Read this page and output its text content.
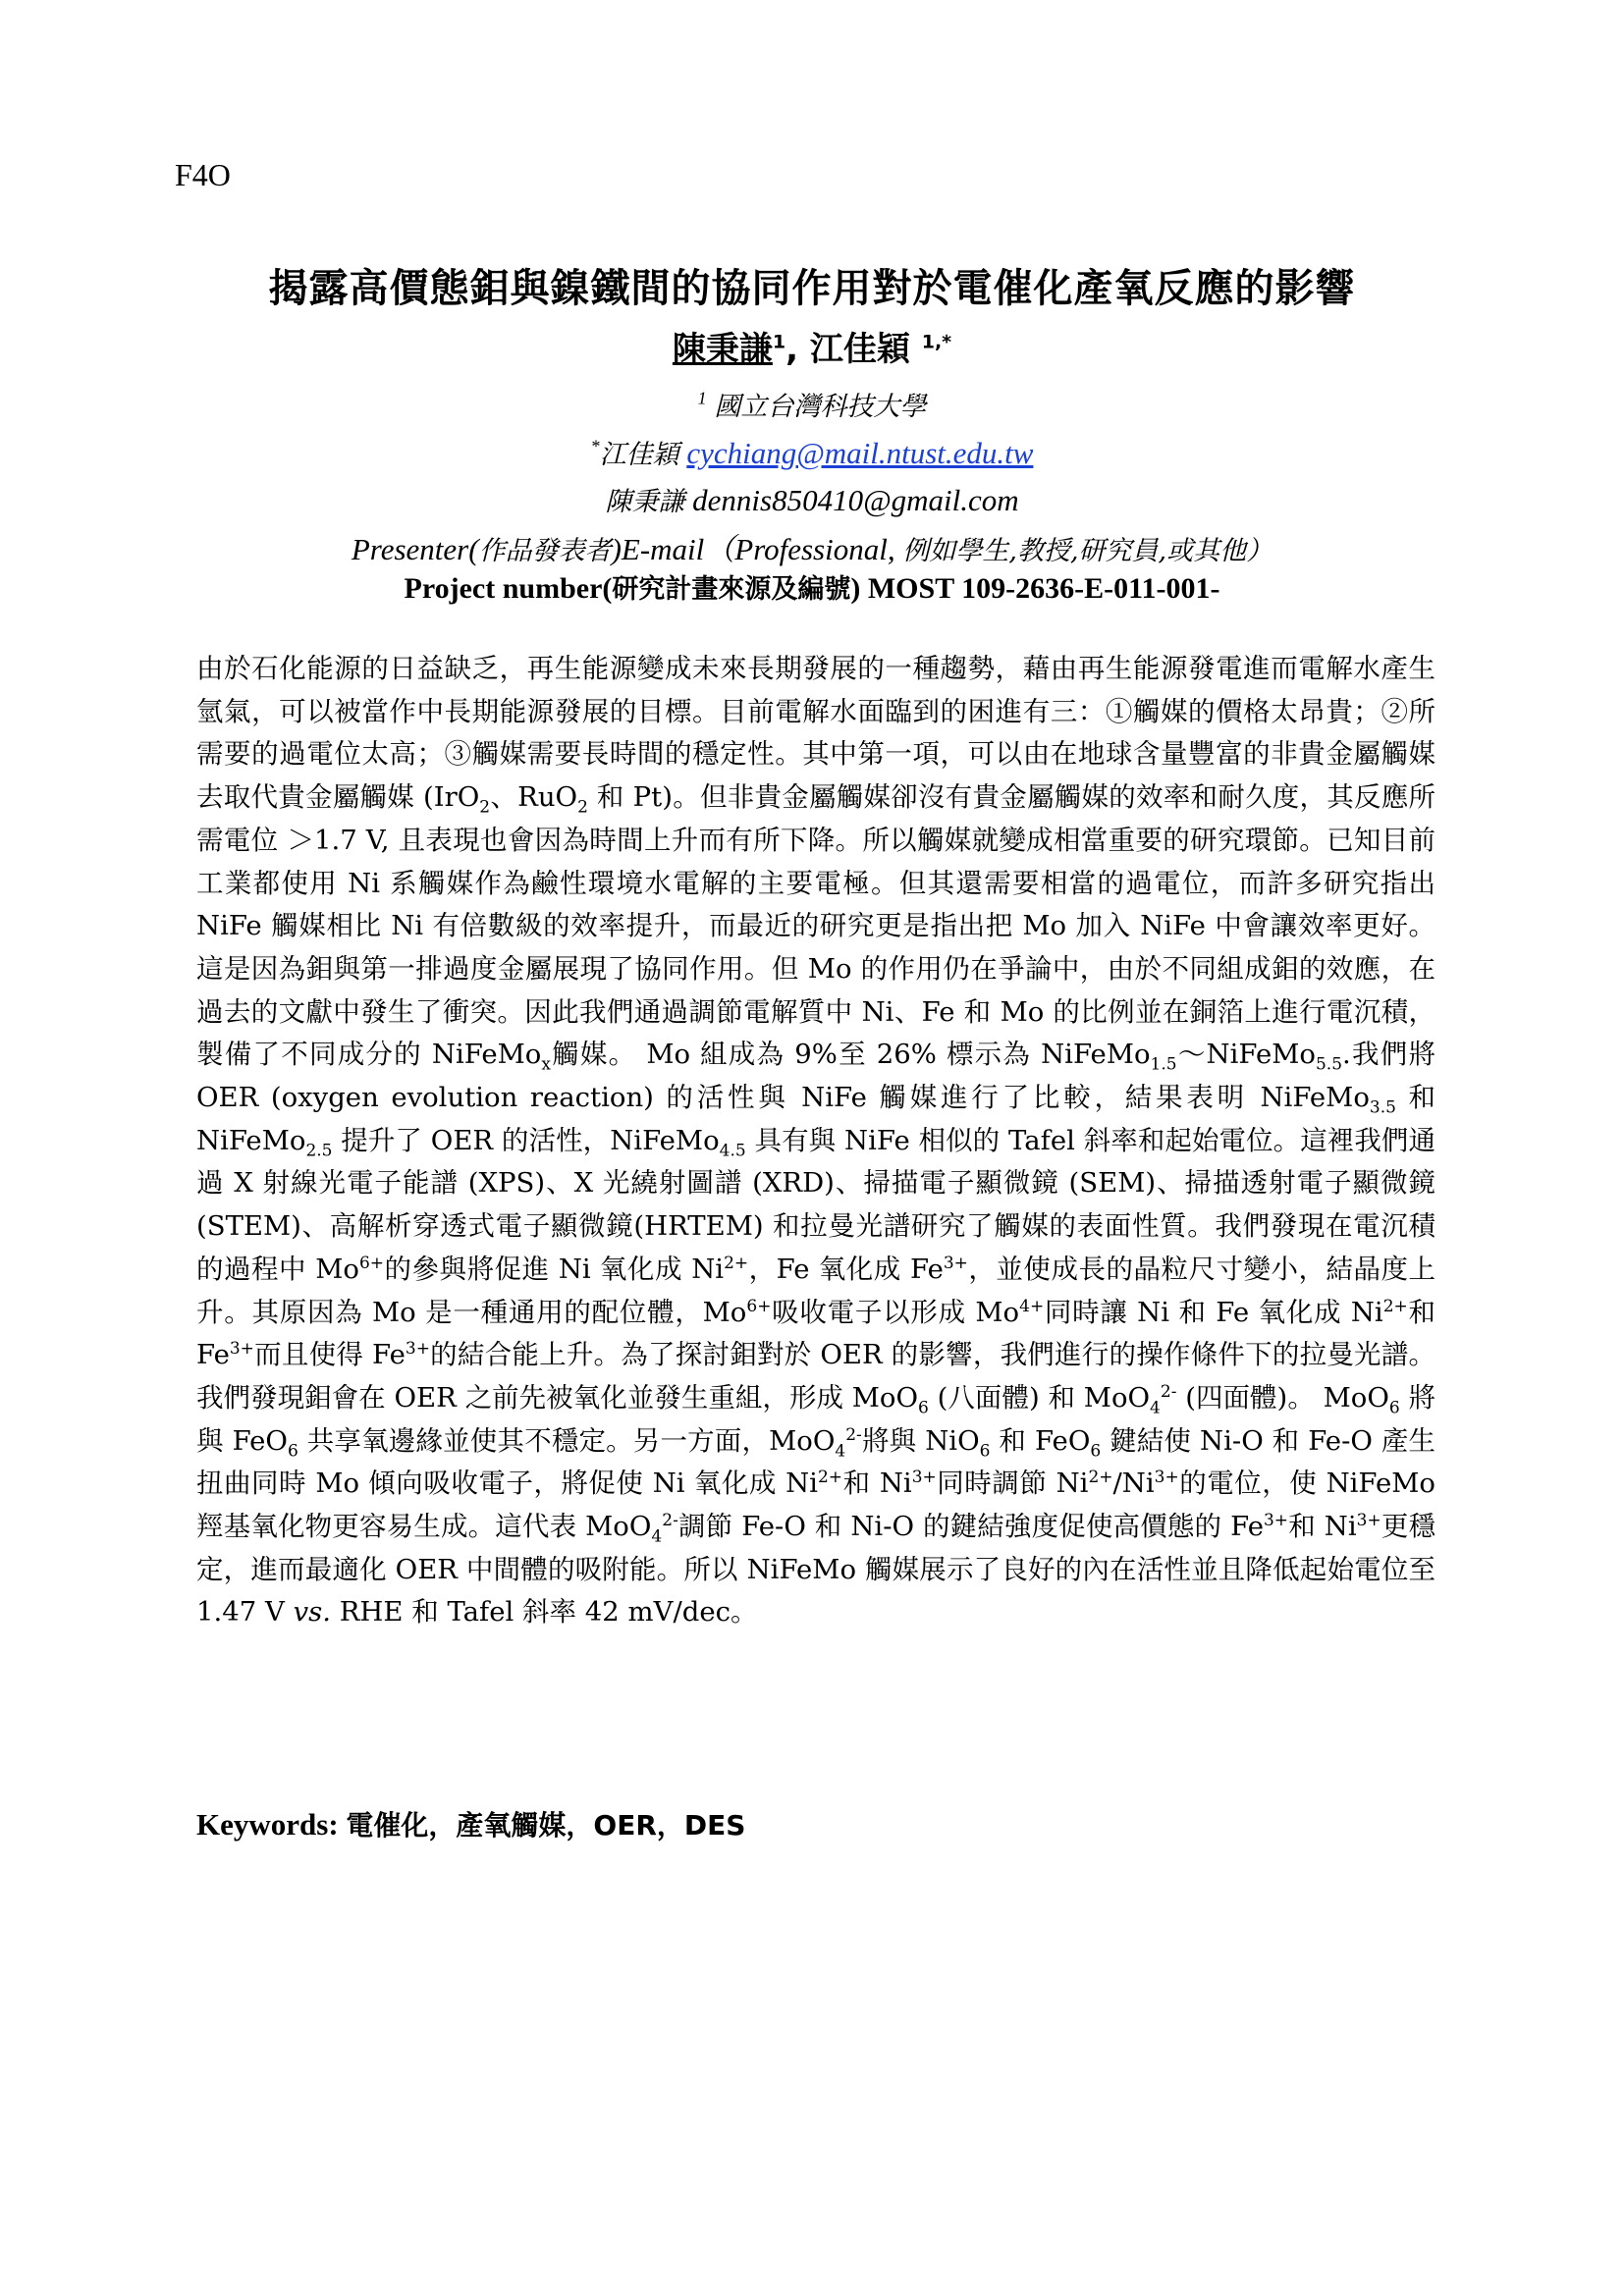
F4O
揭露高價態鉬與鎳鐵間的協同作用對於電催化產氧反應的影響
陳秉謙$^1$, 江佳穎 $^{1,*}$
$^1$ 國立台灣科技大學
*江佳穎 cychiang@mail.ntust.edu.tw
陳秉謙 dennis850410@gmail.com
Presenter(作品發表者)E-mail（Professional, 例如學生,教授,研究員,或其他）
Project number(研究計畫來源及編號) MOST 109-2636-E-011-001-
由於石化能源的日益缺乏，再生能源變成未來長期發展的一種趨勢，藉由再生能源發電進而電解水產生氫氣，可以被當作中長期能源發展的目標。目前電解水面臨到的困進有三：①觸媒的價格太昂貴；②所需要的過電位太高；③觸媒需要長時間的穩定性。其中第一項，可以由在地球含量豐富的非貴金屬觸媒去取代貴金屬觸媒 (IrO$_2$、RuO$_2$ 和 Pt)。但非貴金屬觸媒卻沒有貴金屬觸媒的效率和耐久度，其反應所需電位 ＞1.7 V, 且表現也會因為時間上升而有所下降。所以觸媒就變成相當重要的研究環節。已知目前工業都使用 Ni 系觸媒作為鹼性環境水電解的主要電極。但其還需要相當的過電位，而許多研究指出 NiFe 觸媒相比 Ni 有倍數級的效率提升，而最近的研究更是指出把 Mo 加入 NiFe 中會讓效率更好。這是因為鉬與第一排過度金屬展現了協同作用。但 Mo 的作用仍在爭論中，由於不同組成鉬的效應，在過去的文獻中發生了衝突。因此我們通過調節電解質中 Ni、Fe 和 Mo 的比例並在銅箔上進行電沉積，製備了不同成分的 NiFeMo$_x$觸媒。 Mo 組成為 9%至 26% 標示為 NiFeMo$_{1.5}$～NiFeMo$_{5.5}$.我們將 OER (oxygen evolution reaction) 的活性與 NiFe 觸媒進行了比較，結果表明 NiFeMo$_{3.5}$ 和 NiFeMo$_{2.5}$ 提升了 OER 的活性，NiFeMo$_{4.5}$ 具有與 NiFe 相似的 Tafel 斜率和起始電位。這裡我們通過 X 射線光電子能譜 (XPS)、X 光繞射圖譜 (XRD)、掃描電子顯微鏡 (SEM)、掃描透射電子顯微鏡 (STEM)、高解析穿透式電子顯微鏡(HRTEM) 和拉曼光譜研究了觸媒的表面性質。我們發現在電沉積的過程中 $Mo^{6+}$的參與將促進 Ni 氧化成 $Ni^{2+}$，Fe 氧化成 $Fe^{3+}$，並使成長的晶粒尺寸變小，結晶度上升。其原因為 Mo 是一種通用的配位體，$Mo^{6+}$吸收電子以形成 $Mo^{4+}$同時讓 Ni 和 Fe 氧化成 $Ni^{2+}$和 $Fe^{3+}$而且使得 $Fe^{3+}$的結合能上升。為了探討鉬對於 OER 的影響，我們進行的操作條件下的拉曼光譜。我們發現鉬會在 OER 之前先被氧化並發生重組，形成 MoO$_6$ (八面體) 和 MoO$_4^{2-}$ (四面體)。 MoO$_6$ 將與 FeO$_6$ 共享氧邊緣並使其不穩定。另一方面，MoO$_4^{2-}$將與 NiO$_6$ 和 FeO$_6$ 鍵結使 Ni-O 和 Fe-O 產生扭曲同時 Mo 傾向吸收電子，將促使 Ni 氧化成 $Ni^{2+}$和 $Ni^{3+}$同時調節 $Ni^{2+}/Ni^{3+}$的電位，使 NiFeMo 羥基氧化物更容易生成。這代表 MoO$_4^{2-}$調節 Fe-O 和 Ni-O 的鍵結強度促使高價態的 $Fe^{3+}$和 $Ni^{3+}$更穩定，進而最適化 OER 中間體的吸附能。所以 NiFeMo 觸媒展示了良好的內在活性並且降低起始電位至 1.47 V vs. RHE 和 Tafel 斜率 42 mV/dec。
Keywords: 電催化，產氧觸媒，OER，DES
